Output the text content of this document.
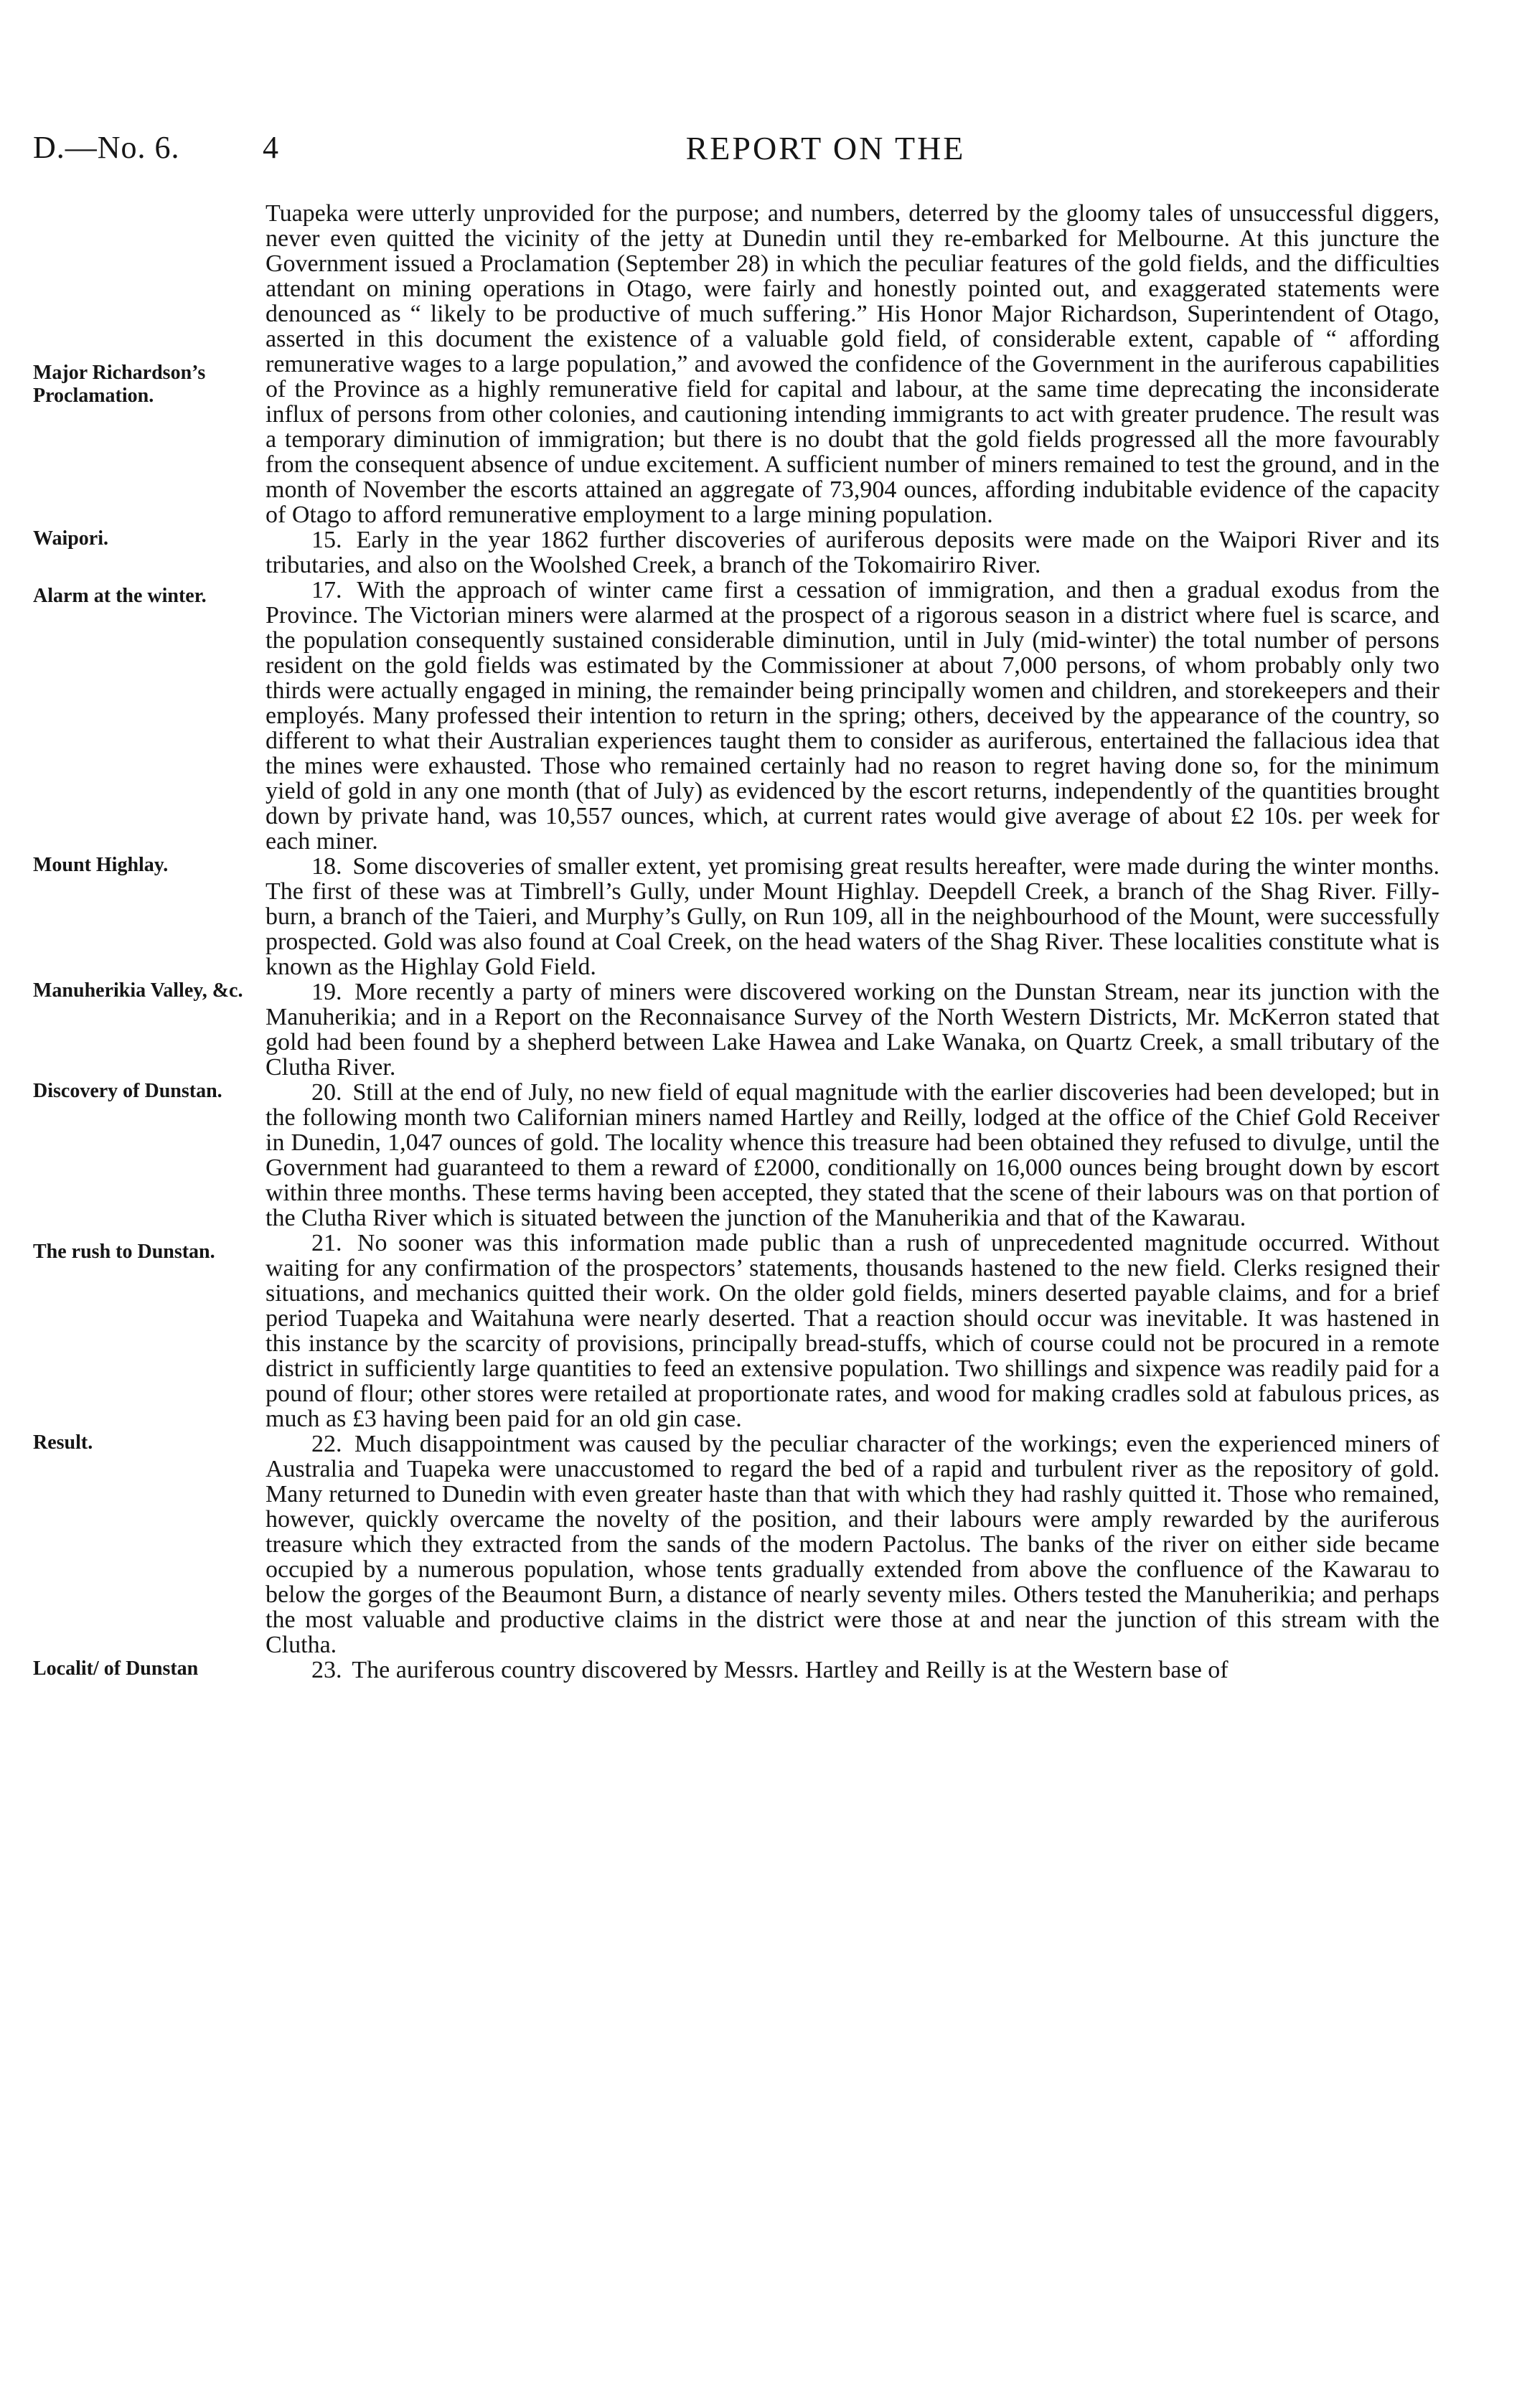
D.—No. 6.	4	REPORT ON THE
Major Richardson’s Proclamation.

Tuapeka were utterly unprovided for the purpose; and numbers, deterred by the gloomy tales of unsuccessful diggers, never even quitted the vicinity of the jetty at Dunedin until they re-embarked for Melbourne. At this juncture the Government issued a Proclamation (September 28) in which the peculiar features of the gold fields, and the difficulties attendant on mining operations in Otago, were fairly and honestly pointed out, and exaggerated statements were denounced as “ likely to be productive of much suffering.” His Honor Major Richardson, Superintendent of Otago, asserted in this document the existence of a valuable gold field, of considerable extent, capable of “ affording remunerative wages to a large population,” and avowed the confidence of the Government in the auriferous capabilities of the Province as a highly remunerative field for capital and labour, at the same time deprecating the inconsiderate influx of persons from other colonies, and cautioning intending immigrants to act with greater prudence. The result was a temporary diminution of immigration; but there is no doubt that the gold fields progressed all the more favourably from the consequent absence of undue excitement. A sufficient number of miners remained to test the ground, and in the month of November the escorts attained an aggregate of 73,904 ounces, affording indubitable evidence of the capacity of Otago to afford remunerative employment to a large mining population.

Waipori.	15. Early in the year 1862 further discoveries of auriferous deposits were made on the Waipori River and its tributaries, and also on the Woolshed Creek, a branch of the Tokomairiro River.

Alarm at the winter.	17. With the approach of winter came first a cessation of immigration, and then a gradual exodus from the Province. The Victorian miners were alarmed at the prospect of a rigorous season in a district where fuel is scarce, and the population consequently sustained considerable diminution, until in July (mid-winter) the total number of persons resident on the gold fields was estimated by the Commissioner at about 7,000 persons, of whom probably only two thirds were actually engaged in mining, the remainder being principally women and children, and storekeepers and their employés. Many professed their intention to return in the spring; others, deceived by the appearance of the country, so different to what their Australian experiences taught them to consider as auriferous, entertained the fallacious idea that the mines were exhausted. Those who remained certainly had no reason to regret having done so, for the minimum yield of gold in any one month (that of July) as evidenced by the escort returns, independently of the quantities brought down by private hand, was 10,557 ounces, which, at current rates would give average of about £2 10s. per week for each miner.

Mount Highlay.	18. Some discoveries of smaller extent, yet promising great results hereafter, were made during the winter months. The first of these was at Timbrell’s Gully, under Mount Highlay. Deepdell Creek, a branch of the Shag River. Filly-burn, a branch of the Taieri, and Murphy’s Gully, on Run 109, all in the neighbourhood of the Mount, were successfully prospected. Gold was also found at Coal Creek, on the head waters of the Shag River. These localities constitute what is known as the Highlay Gold Field.

Manuherikia Valley, &c.	19. More recently a party of miners were discovered working on the Dunstan Stream, near its junction with the Manuherikia; and in a Report on the Reconnaisance Survey of the North Western Districts, Mr. McKerron stated that gold had been found by a shepherd between Lake Hawea and Lake Wanaka, on Quartz Creek, a small tributary of the Clutha River.

Discovery of Dunstan.	20. Still at the end of July, no new field of equal magnitude with the earlier discoveries had been developed; but in the following month two Californian miners named Hartley and Reilly, lodged at the office of the Chief Gold Receiver in Dunedin, 1,047 ounces of gold. The locality whence this treasure had been obtained they refused to divulge, until the Government had guaranteed to them a reward of £2000, conditionally on 16,000 ounces being brought down by escort within three months. These terms having been accepted, they stated that the scene of their labours was on that portion of the Clutha River which is situated between the junction of the Manuherikia and that of the Kawarau.

The rush to Dunstan.	21. No sooner was this information made public than a rush of unprecedented magnitude occurred. Without waiting for any confirmation of the prospectors’ statements, thousands hastened to the new field. Clerks resigned their situations, and mechanics quitted their work. On the older gold fields, miners deserted payable claims, and for a brief period Tuapeka and Waitahuna were nearly deserted. That a reaction should occur was inevitable. It was hastened in this instance by the scarcity of provisions, principally bread-stuffs, which of course could not be procured in a remote district in sufficiently large quantities to feed an extensive population. Two shillings and sixpence was readily paid for a pound of flour; other stores were retailed at proportionate rates, and wood for making cradles sold at fabulous prices, as much as £3 having been paid for an old gin case.

Result.	22. Much disappointment was caused by the peculiar character of the workings; even the experienced miners of Australia and Tuapeka were unaccustomed to regard the bed of a rapid and turbulent river as the repository of gold. Many returned to Dunedin with even greater haste than that with which they had rashly quitted it. Those who remained, however, quickly overcame the novelty of the position, and their labours were amply rewarded by the auriferous treasure which they extracted from the sands of the modern Pactolus. The banks of the river on either side became occupied by a numerous population, whose tents gradually extended from above the confluence of the Kawarau to below the gorges of the Beaumont Burn, a distance of nearly seventy miles. Others tested the Manuherikia; and perhaps the most valuable and productive claims in the district were those at and near the junction of this stream with the Clutha.

Localit/ of Dunstan	23. The auriferous country discovered by Messrs. Hartley and Reilly is at the Western base of
